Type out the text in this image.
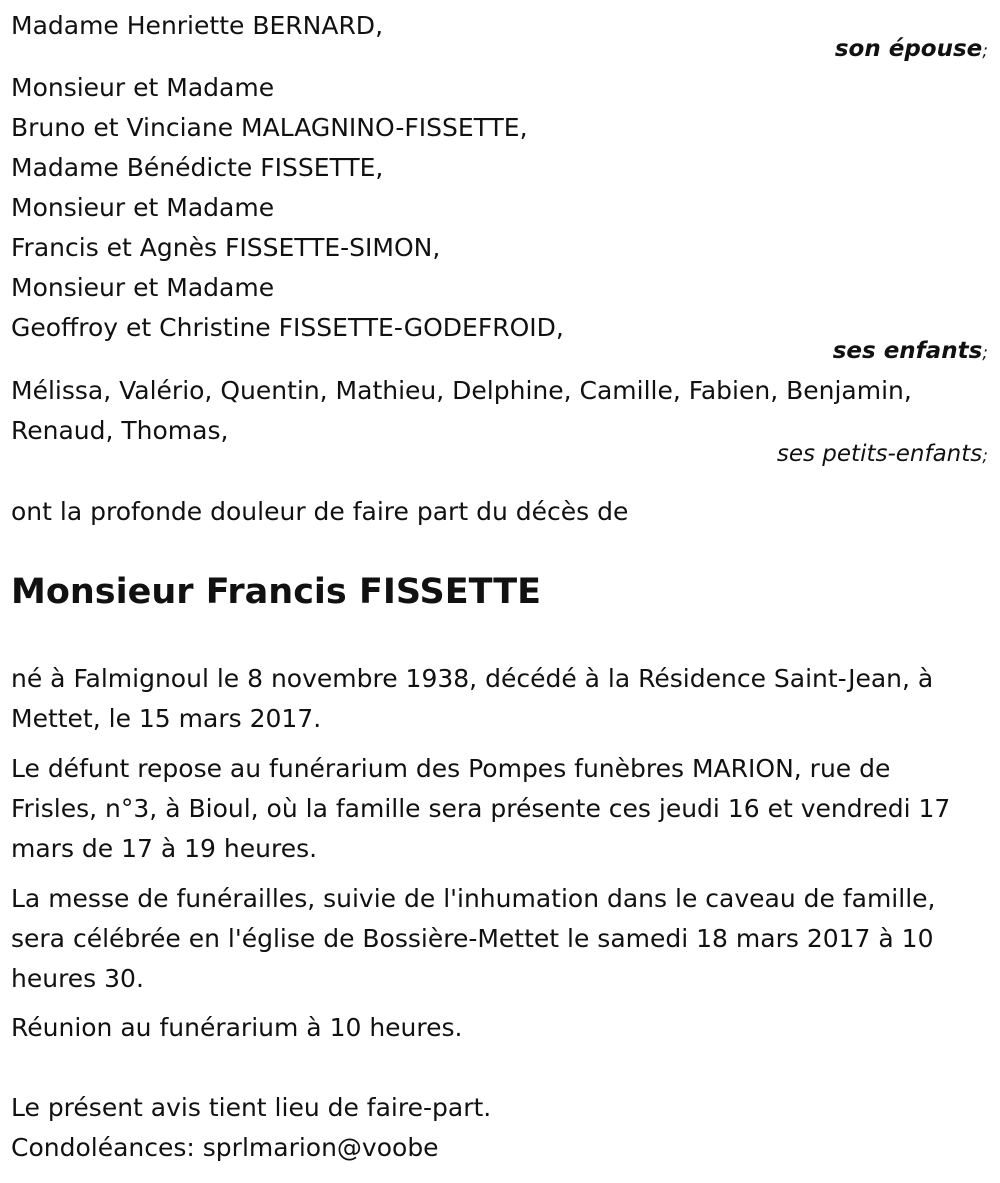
Madame Henriette BERNARD,
son épouse;
Monsieur et Madame
Bruno et Vinciane MALAGNINO-FISSETTE,
Madame Bénédicte FISSETTE,
Monsieur et Madame
Francis et Agnès FISSETTE-SIMON,
Monsieur et Madame
Geoffroy et Christine FISSETTE-GODEFROID,
ses enfants;
Mélissa, Valério, Quentin, Mathieu, Delphine, Camille, Fabien, Benjamin,
Renaud, Thomas,
ses petits-enfants;
ont la profonde douleur de faire part du décès de
Monsieur Francis FISSETTE
né à Falmignoul le 8 novembre 1938, décédé à la Résidence Saint-Jean, à
Mettet, le 15 mars 2017.
Le défunt repose au funérarium des Pompes funèbres MARION, rue de
Frisles, n°3, à Bioul, où la famille sera présente ces jeudi 16 et vendredi 17
mars de 17 à 19 heures.
La messe de funérailles, suivie de l'inhumation dans le caveau de famille,
sera célébrée en l'église de Bossière-Mettet le samedi 18 mars 2017 à 10
heures 30.
Réunion au funérarium à 10 heures.
Le présent avis tient lieu de faire-part.
Condoléances: sprlmarion@voobe
